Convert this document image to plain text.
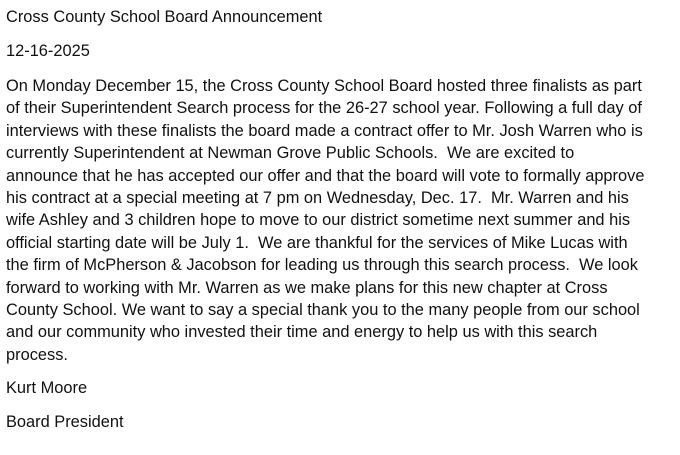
Cross County School Board Announcement

12-16-2025

On Monday December 15, the Cross County School Board hosted three finalists as part

of their Superintendent Search process for the 26-27 school year. Following a full day of

interviews with these finalists the board made a contract offer to Mr. Josh Warren who is

currently Superintendent at Newman Grove Public Schools.  We are excited to

announce that he has accepted our offer and that the board will vote to formally approve

his contract at a special meeting at 7 pm on Wednesday, Dec. 17.  Mr. Warren and his

wife Ashley and 3 children hope to move to our district sometime next summer and his

official starting date will be July 1.  We are thankful for the services of Mike Lucas with

the firm of McPherson & Jacobson for leading us through this search process.  We look

forward to working with Mr. Warren as we make plans for this new chapter at Cross

County School. We want to say a special thank you to the many people from our school

and our community who invested their time and energy to help us with this search

process.

Kurt Moore

Board President
